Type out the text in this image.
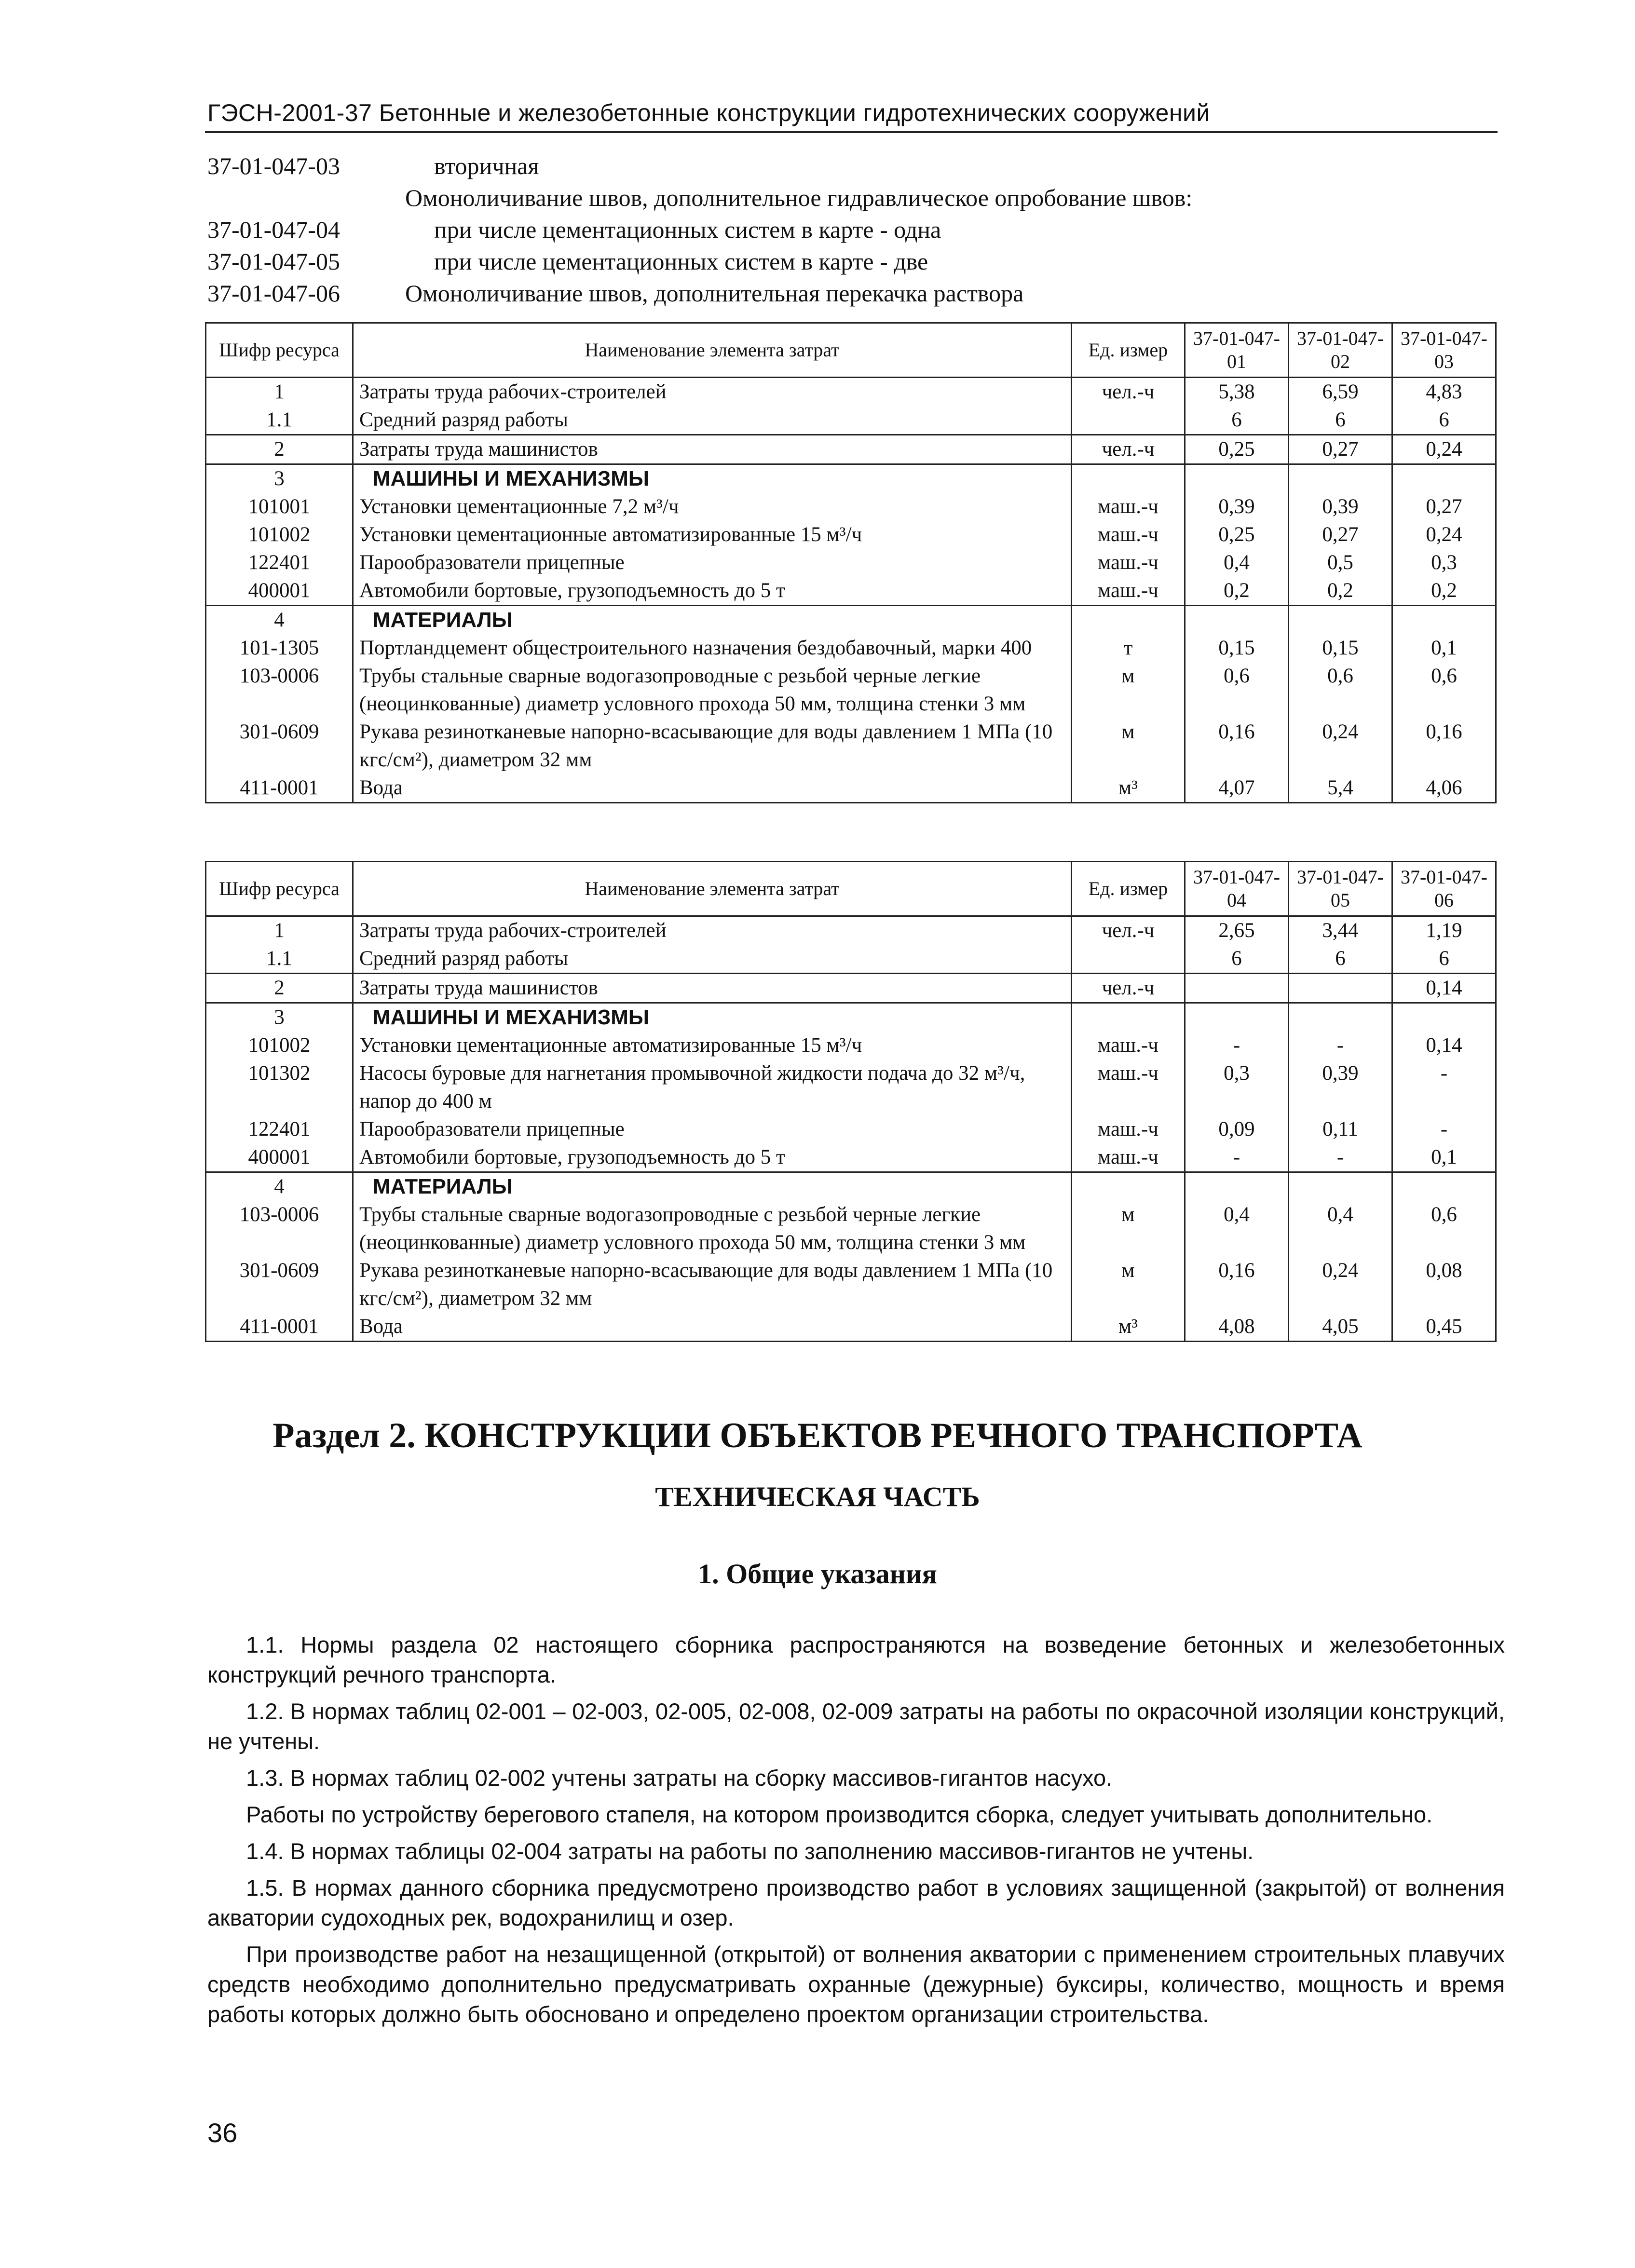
ГЭСН-2001-37 Бетонные и железобетонные конструкции гидротехнических сооружений
37-01-047-03	вторичная
Омоноличивание швов, дополнительное гидравлическое опробование швов:
37-01-047-04	при числе цементационных систем в карте - одна
37-01-047-05	при числе цементационных систем в карте - две
37-01-047-06	Омоноличивание швов, дополнительная перекачка раствора
Шифр ресурса	Наименование элемента затрат	Ед. измер	37-01-047-01	37-01-047-02	37-01-047-03
1	Затраты труда рабочих-строителей	чел.-ч	5,38	6,59	4,83
1.1	Средний разряд работы		6	6	6
2	Затраты труда машинистов	чел.-ч	0,25	0,27	0,24
3	МАШИНЫ И МЕХАНИЗМЫ				
101001	Установки цементационные 7,2 м³/ч	маш.-ч	0,39	0,39	0,27
101002	Установки цементационные автоматизированные 15 м³/ч	маш.-ч	0,25	0,27	0,24
122401	Парообразователи прицепные	маш.-ч	0,4	0,5	0,3
400001	Автомобили бортовые, грузоподъемность до 5 т	маш.-ч	0,2	0,2	0,2
4	МАТЕРИАЛЫ				
101-1305	Портландцемент общестроительного назначения бездобавочный, марки 400	т	0,15	0,15	0,1
103-0006	Трубы стальные сварные водогазопроводные с резьбой черные легкие (неоцинкованные) диаметр условного прохода 50 мм, толщина стенки 3 мм	м	0,6	0,6	0,6
301-0609	Рукава резинотканевые напорно-всасывающие для воды давлением 1 МПа (10 кгс/см²), диаметром 32 мм	м	0,16	0,24	0,16
411-0001	Вода	м³	4,07	5,4	4,06
Шифр ресурса	Наименование элемента затрат	Ед. измер	37-01-047-04	37-01-047-05	37-01-047-06
1	Затраты труда рабочих-строителей	чел.-ч	2,65	3,44	1,19
1.1	Средний разряд работы		6	6	6
2	Затраты труда машинистов	чел.-ч			0,14
3	МАШИНЫ И МЕХАНИЗМЫ				
101002	Установки цементационные автоматизированные 15 м³/ч	маш.-ч	-	-	0,14
101302	Насосы буровые для нагнетания промывочной жидкости подача до 32 м³/ч, напор до 400 м	маш.-ч	0,3	0,39	-
122401	Парообразователи прицепные	маш.-ч	0,09	0,11	-
400001	Автомобили бортовые, грузоподъемность до 5 т	маш.-ч	-	-	0,1
4	МАТЕРИАЛЫ				
103-0006	Трубы стальные сварные водогазопроводные с резьбой черные легкие (неоцинкованные) диаметр условного прохода 50 мм, толщина стенки 3 мм	м	0,4	0,4	0,6
301-0609	Рукава резинотканевые напорно-всасывающие для воды давлением 1 МПа (10 кгс/см²), диаметром 32 мм	м	0,16	0,24	0,08
411-0001	Вода	м³	4,08	4,05	0,45
Раздел 2. КОНСТРУКЦИИ ОБЪЕКТОВ РЕЧНОГО ТРАНСПОРТА
ТЕХНИЧЕСКАЯ ЧАСТЬ
1. Общие указания

1.1. Нормы раздела 02 настоящего сборника распространяются на возведение бетонных и железобетонных конструкций речного транспорта.

1.2. В нормах таблиц 02-001 – 02-003, 02-005, 02-008, 02-009 затраты на работы по окрасочной изоляции конструкций, не учтены.

1.3. В нормах таблиц 02-002 учтены затраты на сборку массивов-гигантов насухо.

Работы по устройству берегового стапеля, на котором производится сборка, следует учитывать дополнительно.

1.4. В нормах таблицы 02-004 затраты на работы по заполнению массивов-гигантов не учтены.

1.5. В нормах данного сборника предусмотрено производство работ в условиях защищенной (закрытой) от волнения акватории судоходных рек, водохранилищ и озер.

При производстве работ на незащищенной (открытой) от волнения акватории с применением строительных плавучих средств необходимо дополнительно предусматривать охранные (дежурные) буксиры, количество, мощность и время работы которых должно быть обосновано и определено проектом организации строительства.

36
